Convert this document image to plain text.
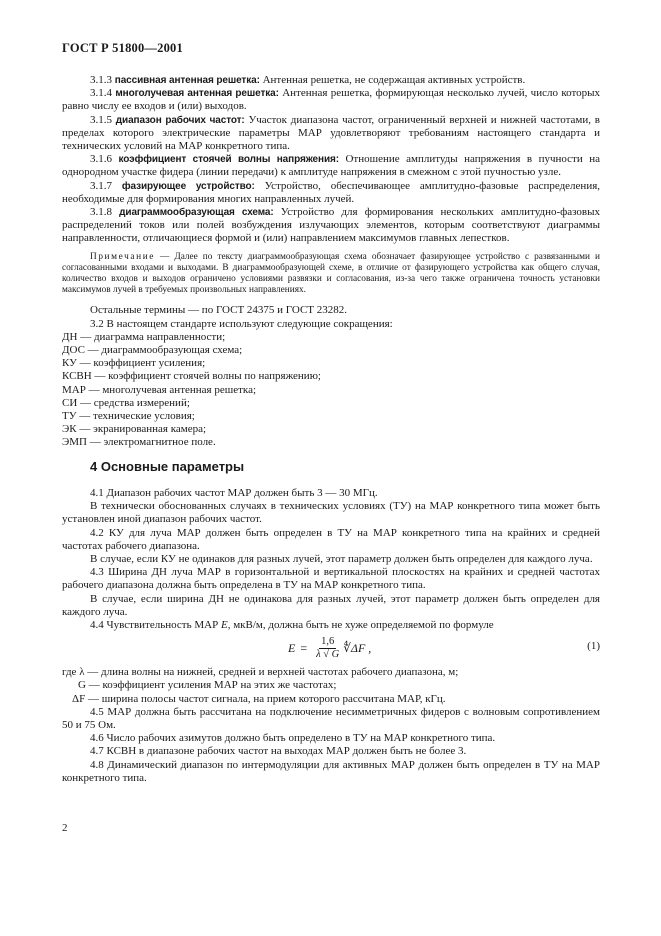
ГОСТ Р 51800—2001

3.1.3 пассивная антенная решетка: Антенная решетка, не содержащая активных устройств.

3.1.4 многолучевая антенная решетка: Антенная решетка, формирующая несколько лучей, число которых равно числу ее входов и (или) выходов.

3.1.5 диапазон рабочих частот: Участок диапазона частот, ограниченный верхней и нижней частотами, в пределах которого электрические параметры МАР удовлетворяют требованиям настоящего стандарта и технических условий на МАР конкретного типа.

3.1.6 коэффициент стоячей волны напряжения: Отношение амплитуды напряжения в пучности на однородном участке фидера (линии передачи) к амплитуде напряжения в смежном с этой пучностью узле.

3.1.7 фазирующее устройство: Устройство, обеспечивающее амплитудно-фазовые распределения, необходимые для формирования многих направленных лучей.

3.1.8 диаграммообразующая схема: Устройство для формирования нескольких амплитудно-фазовых распределений токов или полей возбуждения излучающих элементов, которым соответствуют диаграммы направленности, отличающиеся формой и (или) направлением максимумов главных лепестков.

Примечание — Далее по тексту диаграммообразующая схема обозначает фазирующее устройство с развязанными и согласованными входами и выходами. В диаграммообразующей схеме, в отличие от фазирующего устройства как общего случая, количество входов и выходов ограничено условиями развязки и согласования, из-за чего также ограничена точность установки максимумов лучей в требуемых произвольных направлениях.

Остальные термины — по ГОСТ 24375 и ГОСТ 23282.

3.2 В настоящем стандарте используют следующие сокращения:

ДН — диаграмма направленности;
ДОС — диаграммообразующая схема;
КУ — коэффициент усиления;
КСВН — коэффициент стоячей волны по напряжению;
МАР — многолучевая антенная решетка;
СИ — средства измерений;
ТУ — технические условия;
ЭК — экранированная камера;
ЭМП — электромагнитное поле.

4 Основные параметры

4.1 Диапазон рабочих частот МАР должен быть 3 — 30 МГц.

В технически обоснованных случаях в технических условиях (ТУ) на МАР конкретного типа может быть установлен иной диапазон рабочих частот.

4.2 КУ для луча МАР должен быть определен в ТУ на МАР конкретного типа на крайних и средней частотах рабочего диапазона.

В случае, если КУ не одинаков для разных лучей, этот параметр должен быть определен для каждого луча.

4.3 Ширина ДН луча МАР в горизонтальной и вертикальной плоскостях на крайних и средней частотах рабочего диапазона должна быть определена в ТУ на МАР конкретного типа.

В случае, если ширина ДН не одинакова для разных лучей, этот параметр должен быть определен для каждого луча.

4.4 Чувствительность МАР E, мкВ/м, должна быть не хуже определяемой по формуле

$E = \frac{1,6}{\lambda √ G}$ ∜ΔF ,	(1)

где λ — длина волны на нижней, средней и верхней частотах рабочего диапазона, м;

G — коэффициент усиления МАР на этих же частотах;

ΔF — ширина полосы частот сигнала, на прием которого рассчитана МАР, кГц.

4.5 МАР должна быть рассчитана на подключение несимметричных фидеров с волновым сопротивлением 50 и 75 Ом.

4.6 Число рабочих азимутов должно быть определено в ТУ на МАР конкретного типа.

4.7 КСВН в диапазоне рабочих частот на выходах МАР должен быть не более 3.

4.8 Динамический диапазон по интермодуляции для активных МАР должен быть определен в ТУ на МАР конкретного типа.

2
